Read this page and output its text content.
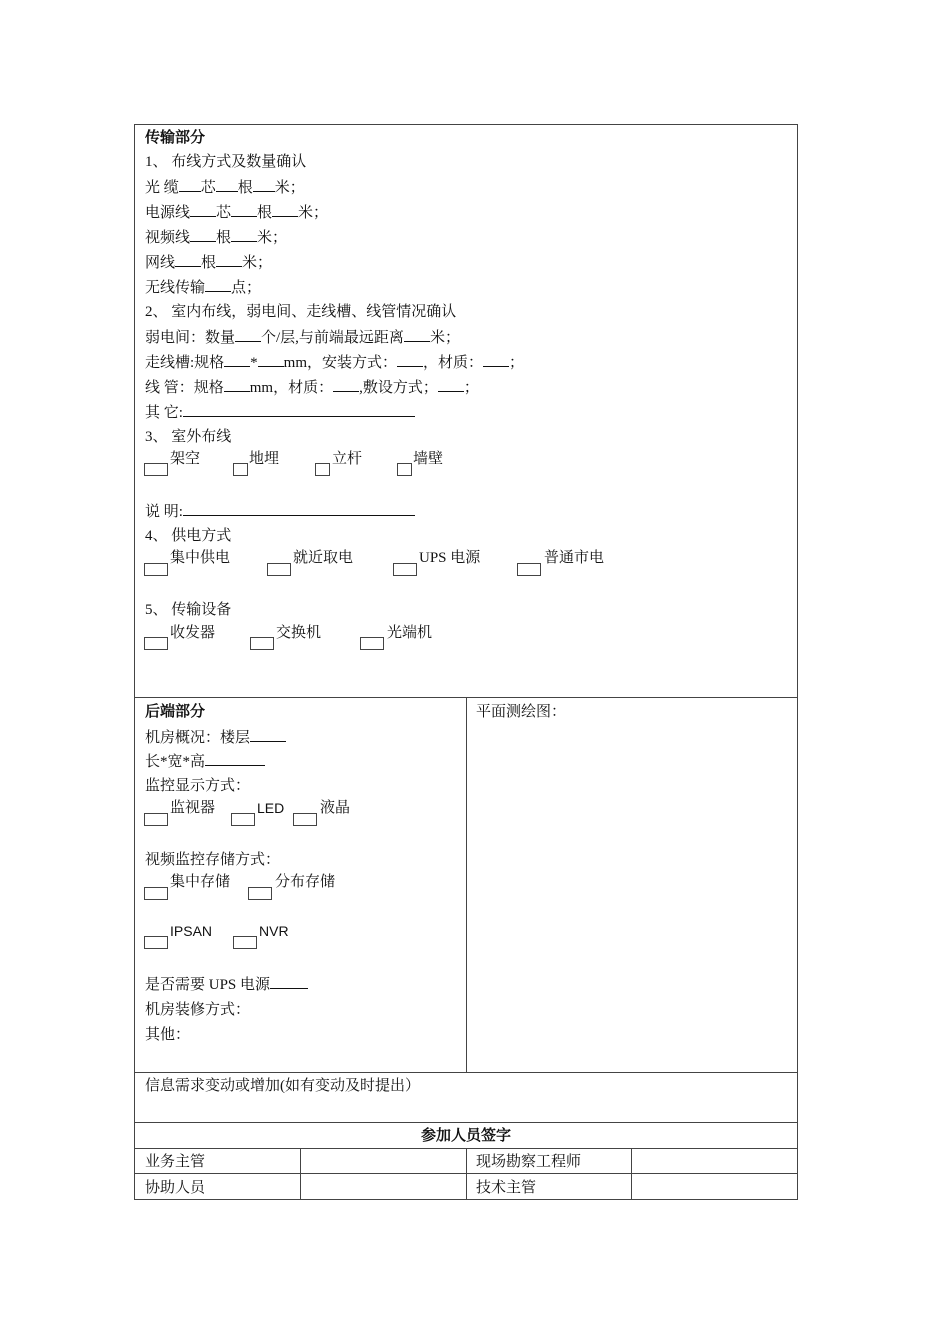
传输部分
1、 布线方式及数量确认
光 缆 芯 根 米；
电源线 芯 根 米；
视频线 根 米；
网线 根 米；
无线传输 点；
2、 室内布线，弱电间、走线槽、线管情况确认
弱电间：数量 个/层,与前端最远距离 米；
走线槽:规格 * mm，安装方式： ，材质： ；
线 管：规格 mm，材质： ,敷设方式； ；
其 它:
3、 室外布线
架空	地埋	立杆	墙壁
说 明:
4、 供电方式
集中供电	就近取电	UPS 电源	普通市电
5、 传输设备
收发器	交换机	光端机
后端部分
机房概况：楼层
长*宽*高
监控显示方式：
监视器	LED 液晶
视频监控存储方式：
集中存储	分布存储
IPSAN	NVR
是否需要 UPS 电源
机房装修方式：
其他：
平面测绘图：
信息需求变动或增加(如有变动及时提出）
参加人员签字
业务主管	现场勘察工程师
协助人员	技术主管
